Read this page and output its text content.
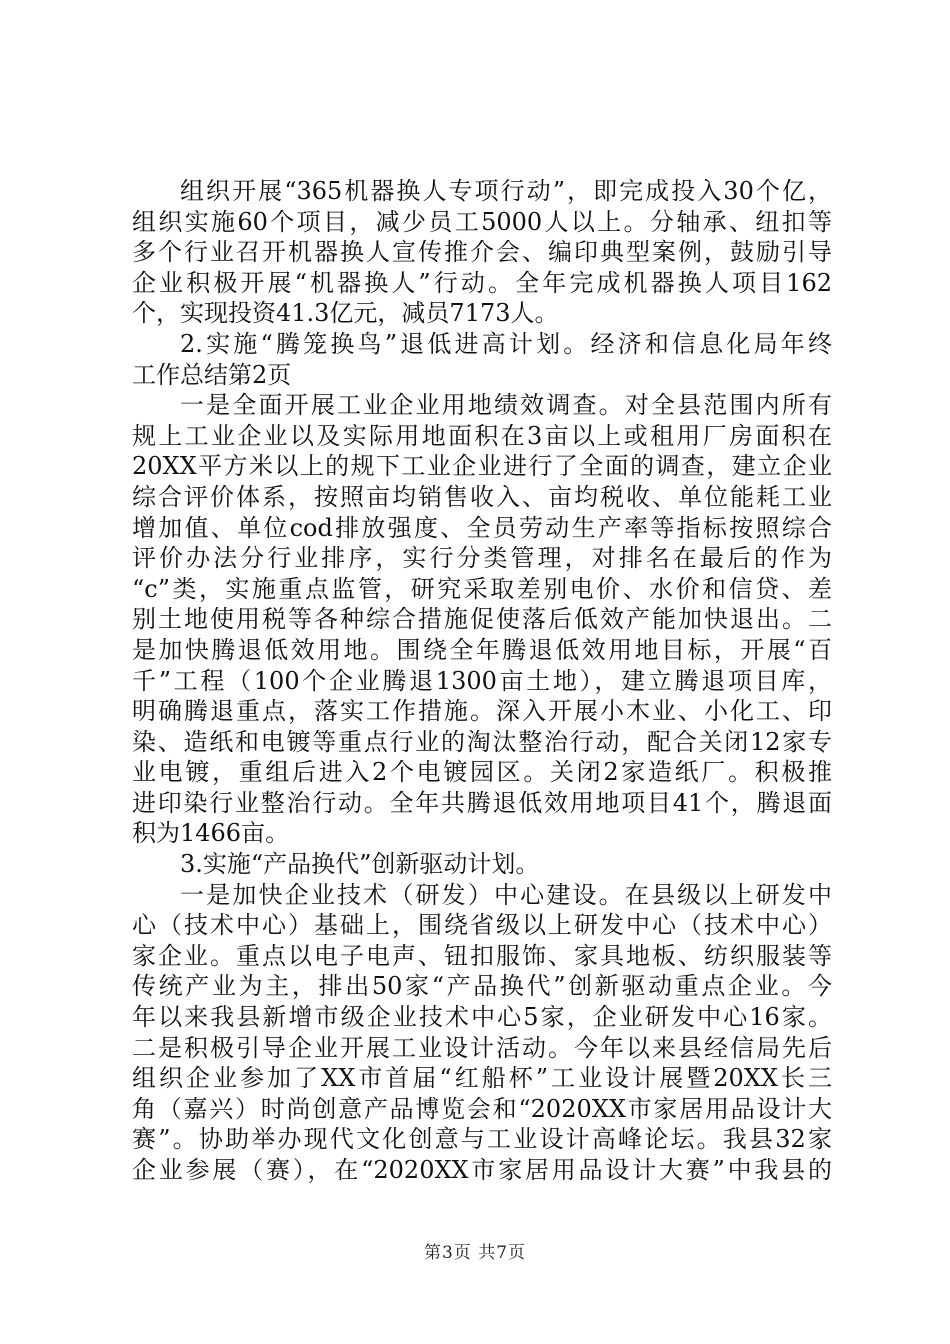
组织开展“365机器换人专项行动”，即完成投入30个亿，
组织实施60个项目，减少员工5000人以上。分轴承、纽扣等
多个行业召开机器换人宣传推介会、编印典型案例，鼓励引导
企业积极开展“机器换人”行动。全年完成机器换人项目162
个，实现投资41.3亿元，减员7173人。
2.实施“腾笼换鸟”退低进高计划。经济和信息化局年终
工作总结第2页
一是全面开展工业企业用地绩效调查。对全县范围内所有
规上工业企业以及实际用地面积在3亩以上或租用厂房面积在
20XX平方米以上的规下工业企业进行了全面的调查，建立企业
综合评价体系，按照亩均销售收入、亩均税收、单位能耗工业
增加值、单位cod排放强度、全员劳动生产率等指标按照综合
评价办法分行业排序，实行分类管理，对排名在最后的作为
“c”类，实施重点监管，研究采取差别电价、水价和信贷、差
别土地使用税等各种综合措施促使落后低效产能加快退出。二
是加快腾退低效用地。围绕全年腾退低效用地目标，开展“百
千”工程（100个企业腾退1300亩土地），建立腾退项目库，
明确腾退重点，落实工作措施。深入开展小木业、小化工、印
染、造纸和电镀等重点行业的淘汰整治行动，配合关闭12家专
业电镀，重组后进入2个电镀园区。关闭2家造纸厂。积极推
进印染行业整治行动。全年共腾退低效用地项目41个，腾退面
积为1466亩。
3.实施“产品换代”创新驱动计划。
一是加快企业技术（研发）中心建设。在县级以上研发中
心（技术中心）基础上，围绕省级以上研发中心（技术中心）
家企业。重点以电子电声、钮扣服饰、家具地板、纺织服装等
传统产业为主，排出50家“产品换代”创新驱动重点企业。今
年以来我县新增市级企业技术中心5家，企业研发中心16家。
二是积极引导企业开展工业设计活动。今年以来县经信局先后
组织企业参加了XX市首届“红船杯”工业设计展暨20XX长三
角（嘉兴）时尚创意产品博览会和“2020XX市家居用品设计大
赛”。协助举办现代文化创意与工业设计高峰论坛。我县32家
企业参展（赛），在“2020XX市家居用品设计大赛”中我县的
第3页 共7页
